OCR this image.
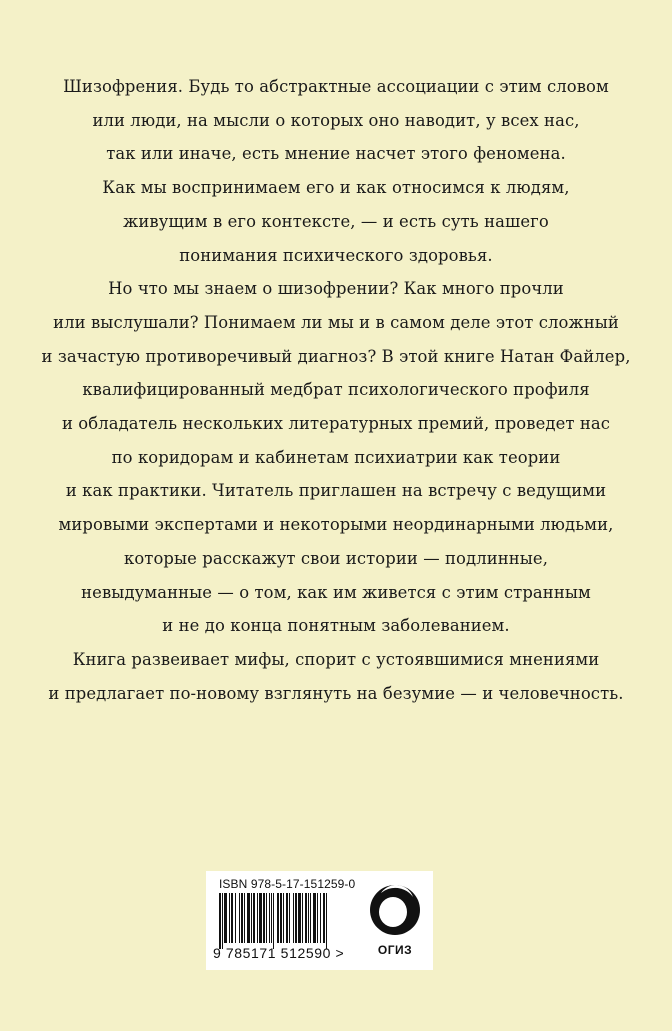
Шизофрения. Будь то абстрактные ассоциации с этим словом
или люди, на мысли о которых оно наводит, у всех нас,
так или иначе, есть мнение насчет этого феномена.
Как мы воспринимаем его и как относимся к людям,
живущим в его контексте, — и есть суть нашего
понимания психического здоровья.
Но что мы знаем о шизофрении? Как много прочли
или выслушали? Понимаем ли мы и в самом деле этот сложный
и зачастую противоречивый диагноз? В этой книге Натан Файлер,
квалифицированный медбрат психологического профиля
и обладатель нескольких литературных премий, проведет нас
по коридорам и кабинетам психиатрии как теории
и как практики. Читатель приглашен на встречу с ведущими
мировыми экспертами и некоторыми неординарными людьми,
которые расскажут свои истории — подлинные,
невыдуманные — о том, как им живется с этим странным
и не до конца понятным заболеванием.
Книга развеивает мифы, спорит с устоявшимися мнениями
и предлагает по-новому взглянуть на безумие — и человечность.
ISBN 978-5-17-151259-0
9 785171 512590 >	ОГИЗ
